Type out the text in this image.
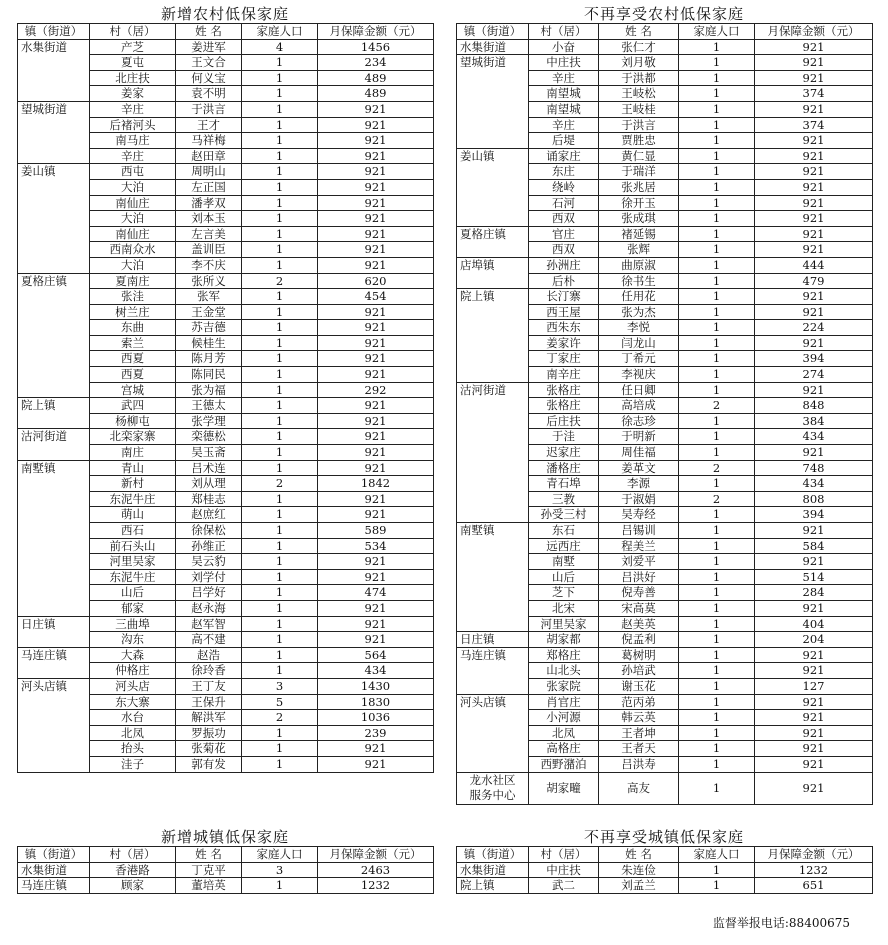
新增农村低保家庭
镇（街道）	村（居）	姓 名	家庭人口	月保障金额（元）
水集街道	产芝	姜进军	4	1456
	夏屯	王文合	1	234
	北庄扶	何义宝	1	489
	姜家	袁不明	1	489
望城街道	辛庄	于洪言	1	921
	后褚河头	王才	1	921
	南马庄	马祥梅	1	921
	辛庄	赵田章	1	921
姜山镇	西屯	周明山	1	921
	大泊	左正国	1	921
	南仙庄	潘孝双	1	921
	大泊	刘本玉	1	921
	南仙庄	左言美	1	921
	西南众水	盖训臣	1	921
	大泊	李不庆	1	921
夏格庄镇	夏南庄	张所义	2	620
	张洼	张军	1	454
	树兰庄	王金堂	1	921
	东曲	苏吉德	1	921
	索兰	候桂生	1	921
	西夏	陈月芳	1	921
	西夏	陈同民	1	921
	宫城	张为福	1	292
院上镇	武四	王德太	1	921
	杨柳屯	张学理	1	921
沽河街道	北栾家寨	栾德松	1	921
	南庄	吴玉斋	1	921
南墅镇	青山	吕术连	1	921
	新村	刘从理	2	1842
	东泥牛庄	郑桂志	1	921
	萌山	赵庶红	1	921
	西石	徐保松	1	589
	前石头山	孙维正	1	534
	河里吴家	吴云豹	1	921
	东泥牛庄	刘学付	1	921
	山后	吕学好	1	474
	郁家	赵永海	1	921
日庄镇	三曲埠	赵军智	1	921
	沟东	高不建	1	921
马连庄镇	大森	赵浩	1	564
	仲格庄	徐玲香	1	434
河头店镇	河头店	王丁友	3	1430
	东大寨	王保升	5	1830
	水台	解洪军	2	1036
	北凤	罗振功	1	239
	抬头	张菊花	1	921
	洼子	郭有发	1	921
不再享受农村低保家庭
镇（街道）	村（居）	姓 名	家庭人口	月保障金额（元）
水集街道	小奋	张仁才	1	921
望城街道	中庄扶	刘月敬	1	921
	辛庄	于洪都	1	921
	南望城	王岐松	1	374
	南望城	王岐桂	1	921
	辛庄	于洪言	1	374
	后堤	贾胜忠	1	921
姜山镇	诵家庄	黄仁显	1	921
	东庄	于瑞洋	1	921
	绕岭	张兆居	1	921
	石河	徐开玉	1	921
	西双	张成琪	1	921
夏格庄镇	官庄	褚延锡	1	921
	西双	张辉	1	921
店埠镇	孙洲庄	曲原淑	1	444
	后朴	徐书生	1	479
院上镇	长汀寨	任用花	1	921
	西王屋	张为杰	1	921
	西朱东	李悦	1	224
	姜家许	闫龙山	1	921
	丁家庄	丁希元	1	394
	南辛庄	李视庆	1	274
沽河街道	张格庄	任日卿	1	921
	张格庄	高培成	2	848
	后庄扶	徐志珍	1	384
	于洼	于明新	1	434
	迟家庄	周佳福	1	921
	潘格庄	姜革文	2	748
	青石埠	李源	1	434
	三教	于淑娟	2	808
	孙受三村	吴寿经	1	394
南墅镇	东石	吕锡训	1	921
	远西庄	程美兰	1	584
	南墅	刘爱平	1	921
	山后	吕洪好	1	514
	芝下	倪寿善	1	284
	北宋	宋高莫	1	921
	河里吴家	赵美英	1	404
日庄镇	胡家都	倪孟利	1	204
马连庄镇	郑格庄	葛树明	1	921
	山北头	孙培武	1	921
	张家院	谢玉花	1	127
河头店镇	肖官庄	范丙弟	1	921
	小河源	韩云英	1	921
	北凤	王者坤	1	921
	高格庄	王者天	1	921
	西野潴泊	吕洪寿	1	921
龙水社区
服务中心	胡家疃	高友	1	921
新增城镇低保家庭
镇（街道）	村（居）	姓 名	家庭人口	月保障金额（元）
水集街道	香港路	丁克平	3	2463
马连庄镇	顾家	董培英	1	1232
不再享受城镇低保家庭
镇（街道）	村（居）	姓 名	家庭人口	月保障金额（元）
水集街道	中庄扶	朱连俭	1	1232
院上镇	武二	刘孟兰	1	651
监督举报电话:88400675
